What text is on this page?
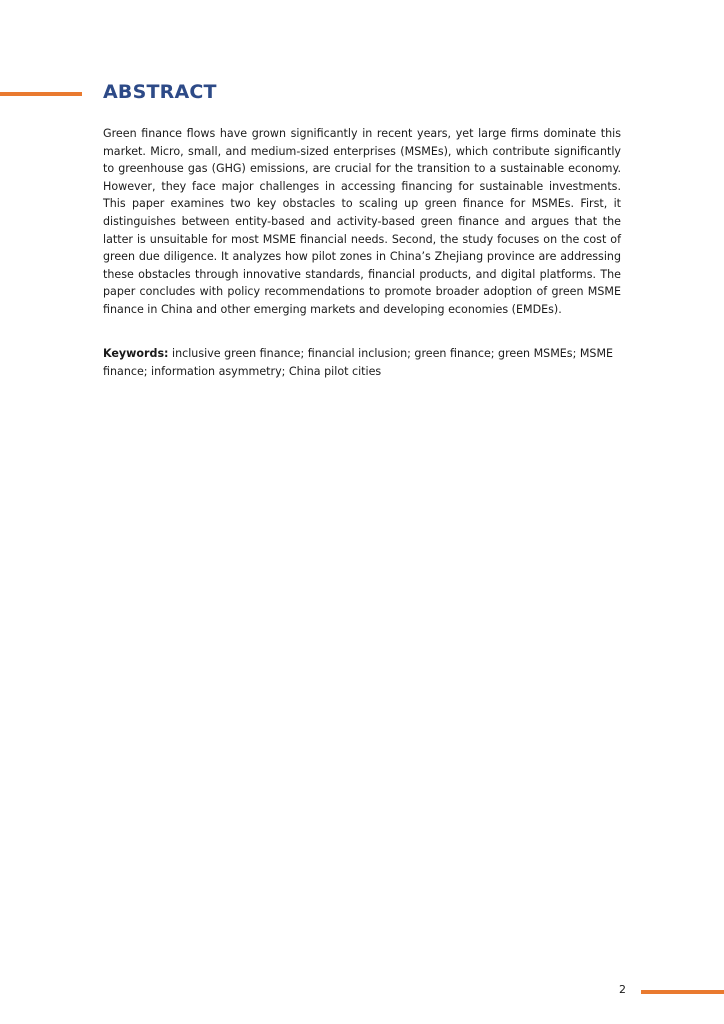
ABSTRACT

Green finance flows have grown significantly in recent years, yet large firms dominate this market. Micro, small, and medium-sized enterprises (MSMEs), which contribute significantly to greenhouse gas (GHG) emissions, are crucial for the transition to a sustainable economy. However, they face major challenges in accessing financing for sustainable investments. This paper examines two key obstacles to scaling up green finance for MSMEs. First, it distinguishes between entity-based and activity-based green finance and argues that the latter is unsuitable for most MSME financial needs. Second, the study focuses on the cost of green due diligence. It analyzes how pilot zones in China’s Zhejiang province are addressing these obstacles through innovative standards, financial products, and digital platforms. The paper concludes with policy recommendations to promote broader adoption of green MSME finance in China and other emerging markets and developing economies (EMDEs).

Keywords: inclusive green finance; financial inclusion; green finance; green MSMEs; MSME finance; information asymmetry; China pilot cities

2
